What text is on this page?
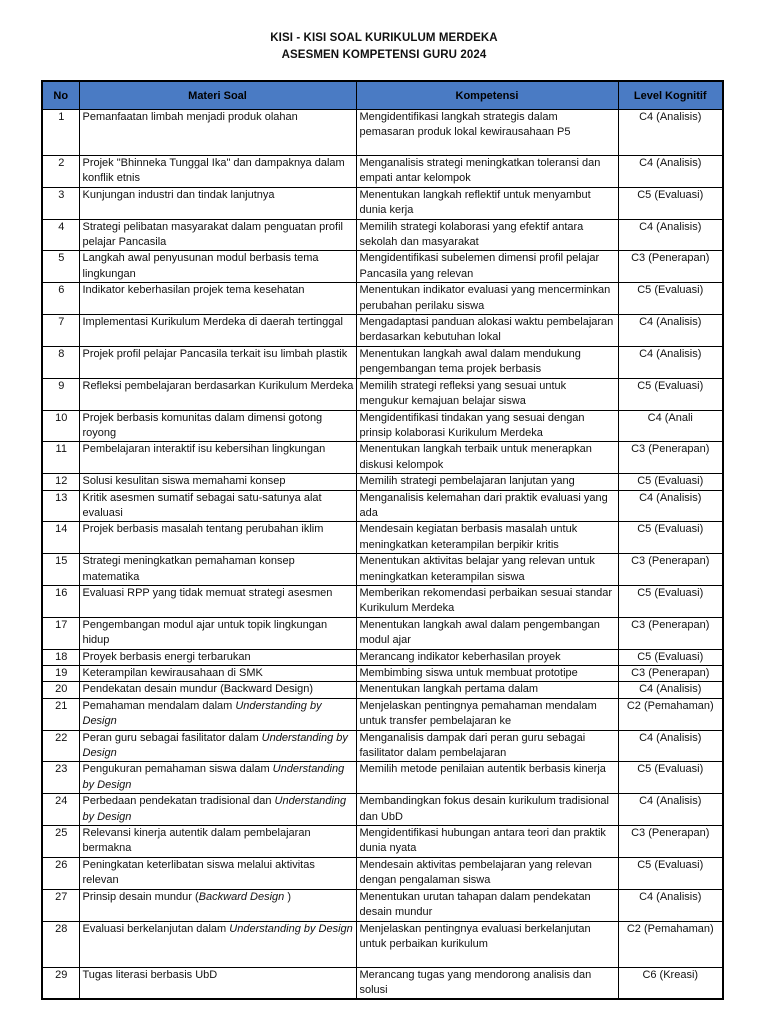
KISI - KISI SOAL KURIKULUM MERDEKA
ASESMEN KOMPETENSI GURU 2024
No	Materi Soal	Kompetensi	Level Kognitif
1	Pemanfaatan limbah menjadi produk olahan	Mengidentifikasi langkah strategis dalam pemasaran produk lokal kewirausahaan P5	C4 (Analisis)
2	Projek "Bhinneka Tunggal Ika" dan dampaknya dalam konflik etnis	Menganalisis strategi meningkatkan toleransi dan empati antar kelompok	C4 (Analisis)
3	Kunjungan industri dan tindak lanjutnya	Menentukan langkah reflektif untuk menyambut dunia kerja	C5 (Evaluasi)
4	Strategi pelibatan masyarakat dalam penguatan profil pelajar Pancasila	Memilih strategi kolaborasi yang efektif antara sekolah dan masyarakat	C4 (Analisis)
5	Langkah awal penyusunan modul berbasis tema lingkungan	Mengidentifikasi subelemen dimensi profil pelajar Pancasila yang relevan	C3 (Penerapan)
6	Indikator keberhasilan projek tema kesehatan	Menentukan indikator evaluasi yang mencerminkan perubahan perilaku siswa	C5 (Evaluasi)
7	Implementasi Kurikulum Merdeka di daerah tertinggal	Mengadaptasi panduan alokasi waktu pembelajaran berdasarkan kebutuhan lokal	C4 (Analisis)
8	Projek profil pelajar Pancasila terkait isu limbah plastik	Menentukan langkah awal dalam mendukung pengembangan tema projek berbasis	C4 (Analisis)
9	Refleksi pembelajaran berdasarkan Kurikulum Merdeka	Memilih strategi refleksi yang sesuai untuk mengukur kemajuan belajar siswa	C5 (Evaluasi)
10	Projek berbasis komunitas dalam dimensi gotong royong	Mengidentifikasi tindakan yang sesuai dengan prinsip kolaborasi Kurikulum Merdeka	C4 (Anali
11	Pembelajaran interaktif isu kebersihan lingkungan	Menentukan langkah terbaik untuk menerapkan diskusi kelompok	C3 (Penerapan)
12	Solusi kesulitan siswa memahami konsep	Memilih strategi pembelajaran lanjutan yang	C5 (Evaluasi)
13	Kritik asesmen sumatif sebagai satu-satunya alat evaluasi	Menganalisis kelemahan dari praktik evaluasi yang ada	C4 (Analisis)
14	Projek berbasis masalah tentang perubahan iklim	Mendesain kegiatan berbasis masalah untuk meningkatkan keterampilan berpikir kritis	C5 (Evaluasi)
15	Strategi meningkatkan pemahaman konsep matematika	Menentukan aktivitas belajar yang relevan untuk meningkatkan keterampilan siswa	C3 (Penerapan)
16	Evaluasi RPP yang tidak memuat strategi asesmen	Memberikan rekomendasi perbaikan sesuai standar Kurikulum Merdeka	C5 (Evaluasi)
17	Pengembangan modul ajar untuk topik lingkungan hidup	Menentukan langkah awal dalam pengembangan modul ajar	C3 (Penerapan)
18	Proyek berbasis energi terbarukan	Merancang indikator keberhasilan proyek	C5 (Evaluasi)
19	Keterampilan kewirausahaan di SMK	Membimbing siswa untuk membuat prototipe	C3 (Penerapan)
20	Pendekatan desain mundur (Backward Design)	Menentukan langkah pertama dalam	C4 (Analisis)
21	Pemahaman mendalam dalam Understanding by Design	Menjelaskan pentingnya pemahaman mendalam untuk transfer pembelajaran ke	C2 (Pemahaman)
22	Peran guru sebagai fasilitator dalam Understanding by Design	Menganalisis dampak dari peran guru sebagai fasilitator dalam pembelajaran	C4 (Analisis)
23	Pengukuran pemahaman siswa dalam Understanding by Design	Memilih metode penilaian autentik berbasis kinerja	C5 (Evaluasi)
24	Perbedaan pendekatan tradisional dan Understanding by Design	Membandingkan fokus desain kurikulum tradisional dan UbD	C4 (Analisis)
25	Relevansi kinerja autentik dalam pembelajaran bermakna	Mengidentifikasi hubungan antara teori dan praktik dunia nyata	C3 (Penerapan)
26	Peningkatan keterlibatan siswa melalui aktivitas relevan	Mendesain aktivitas pembelajaran yang relevan dengan pengalaman siswa	C5 (Evaluasi)
27	Prinsip desain mundur (Backward Design )	Menentukan urutan tahapan dalam pendekatan desain mundur	C4 (Analisis)
28	Evaluasi berkelanjutan dalam Understanding by Design	Menjelaskan pentingnya evaluasi berkelanjutan untuk perbaikan kurikulum	C2 (Pemahaman)
29	Tugas literasi berbasis UbD	Merancang tugas yang mendorong analisis dan solusi	C6 (Kreasi)
